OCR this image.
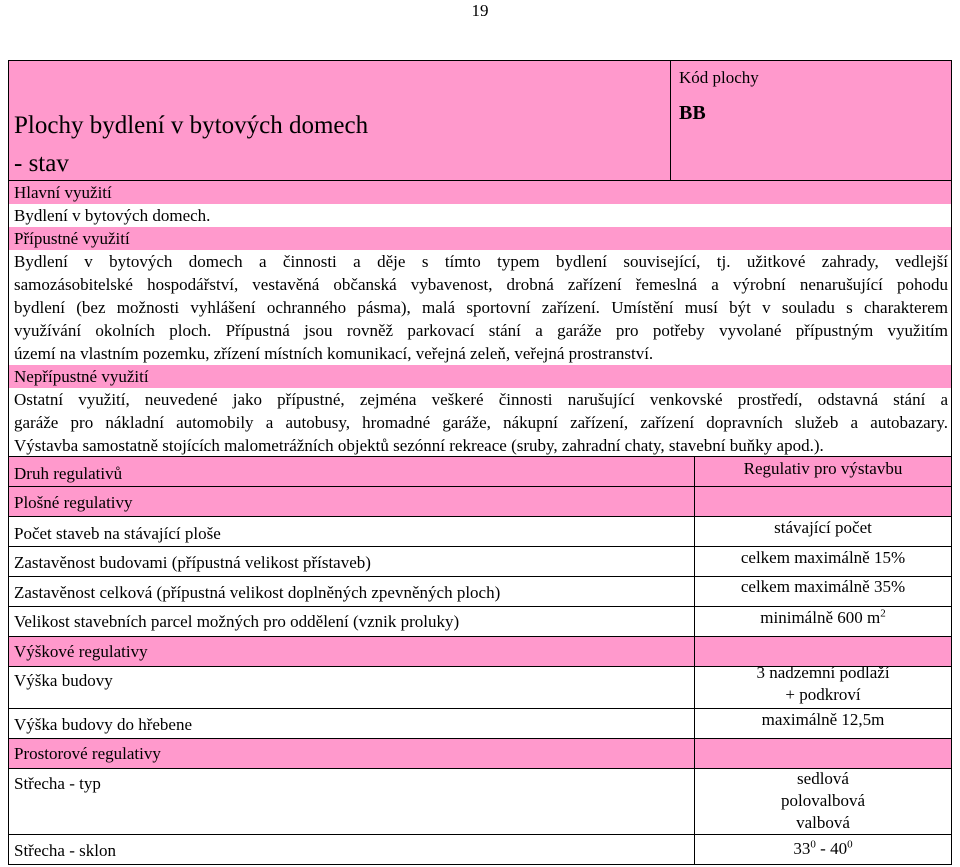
19
Plochy bydlení v bytových domech
- stav
Kód plochy
BB
Hlavní využití
Bydlení v bytových domech.
Přípustné využití
Bydlení v bytových domech a činnosti a děje s tímto typem bydlení související, tj. užitkové zahrady, vedlejší
samozásobitelské hospodářství, vestavěná občanská vybavenost, drobná zařízení řemeslná a výrobní nenarušující pohodu
bydlení (bez možnosti vyhlášení ochranného pásma), malá sportovní zařízení. Umístění musí být v souladu s charakterem
využívání okolních ploch. Přípustná jsou rovněž parkovací stání a garáže pro potřeby vyvolané přípustným využitím
území na vlastním pozemku, zřízení místních komunikací, veřejná zeleň, veřejná prostranství.
Nepřípustné využití
Ostatní využití, neuvedené jako přípustné, zejména veškeré činnosti narušující venkovské prostředí, odstavná stání a
garáže pro nákladní automobily a autobusy, hromadné garáže, nákupní zařízení, zařízení dopravních služeb a autobazary.
Výstavba samostatně stojících malometrážních objektů sezónní rekreace (sruby, zahradní chaty, stavební buňky apod.).
Druh regulativů	Regulativ pro výstavbu
Plošné regulativy
Počet staveb na stávající ploše	stávající počet
Zastavěnost budovami (přípustná velikost přístaveb)	celkem maximálně 15%
Zastavěnost celková (přípustná velikost doplněných zpevněných ploch)	celkem maximálně 35%
Velikost stavebních parcel možných pro oddělení (vznik proluky)	minimálně 600 $m^2$
Výškové regulativy
Výška budovy	3 nadzemní podlaží
+ podkroví
Výška budovy do hřebene	maximálně 12,5m
Prostorové regulativy
Střecha - typ	sedlová
polovalbová
valbová
Střecha - sklon	$33^0 - 40^0$
